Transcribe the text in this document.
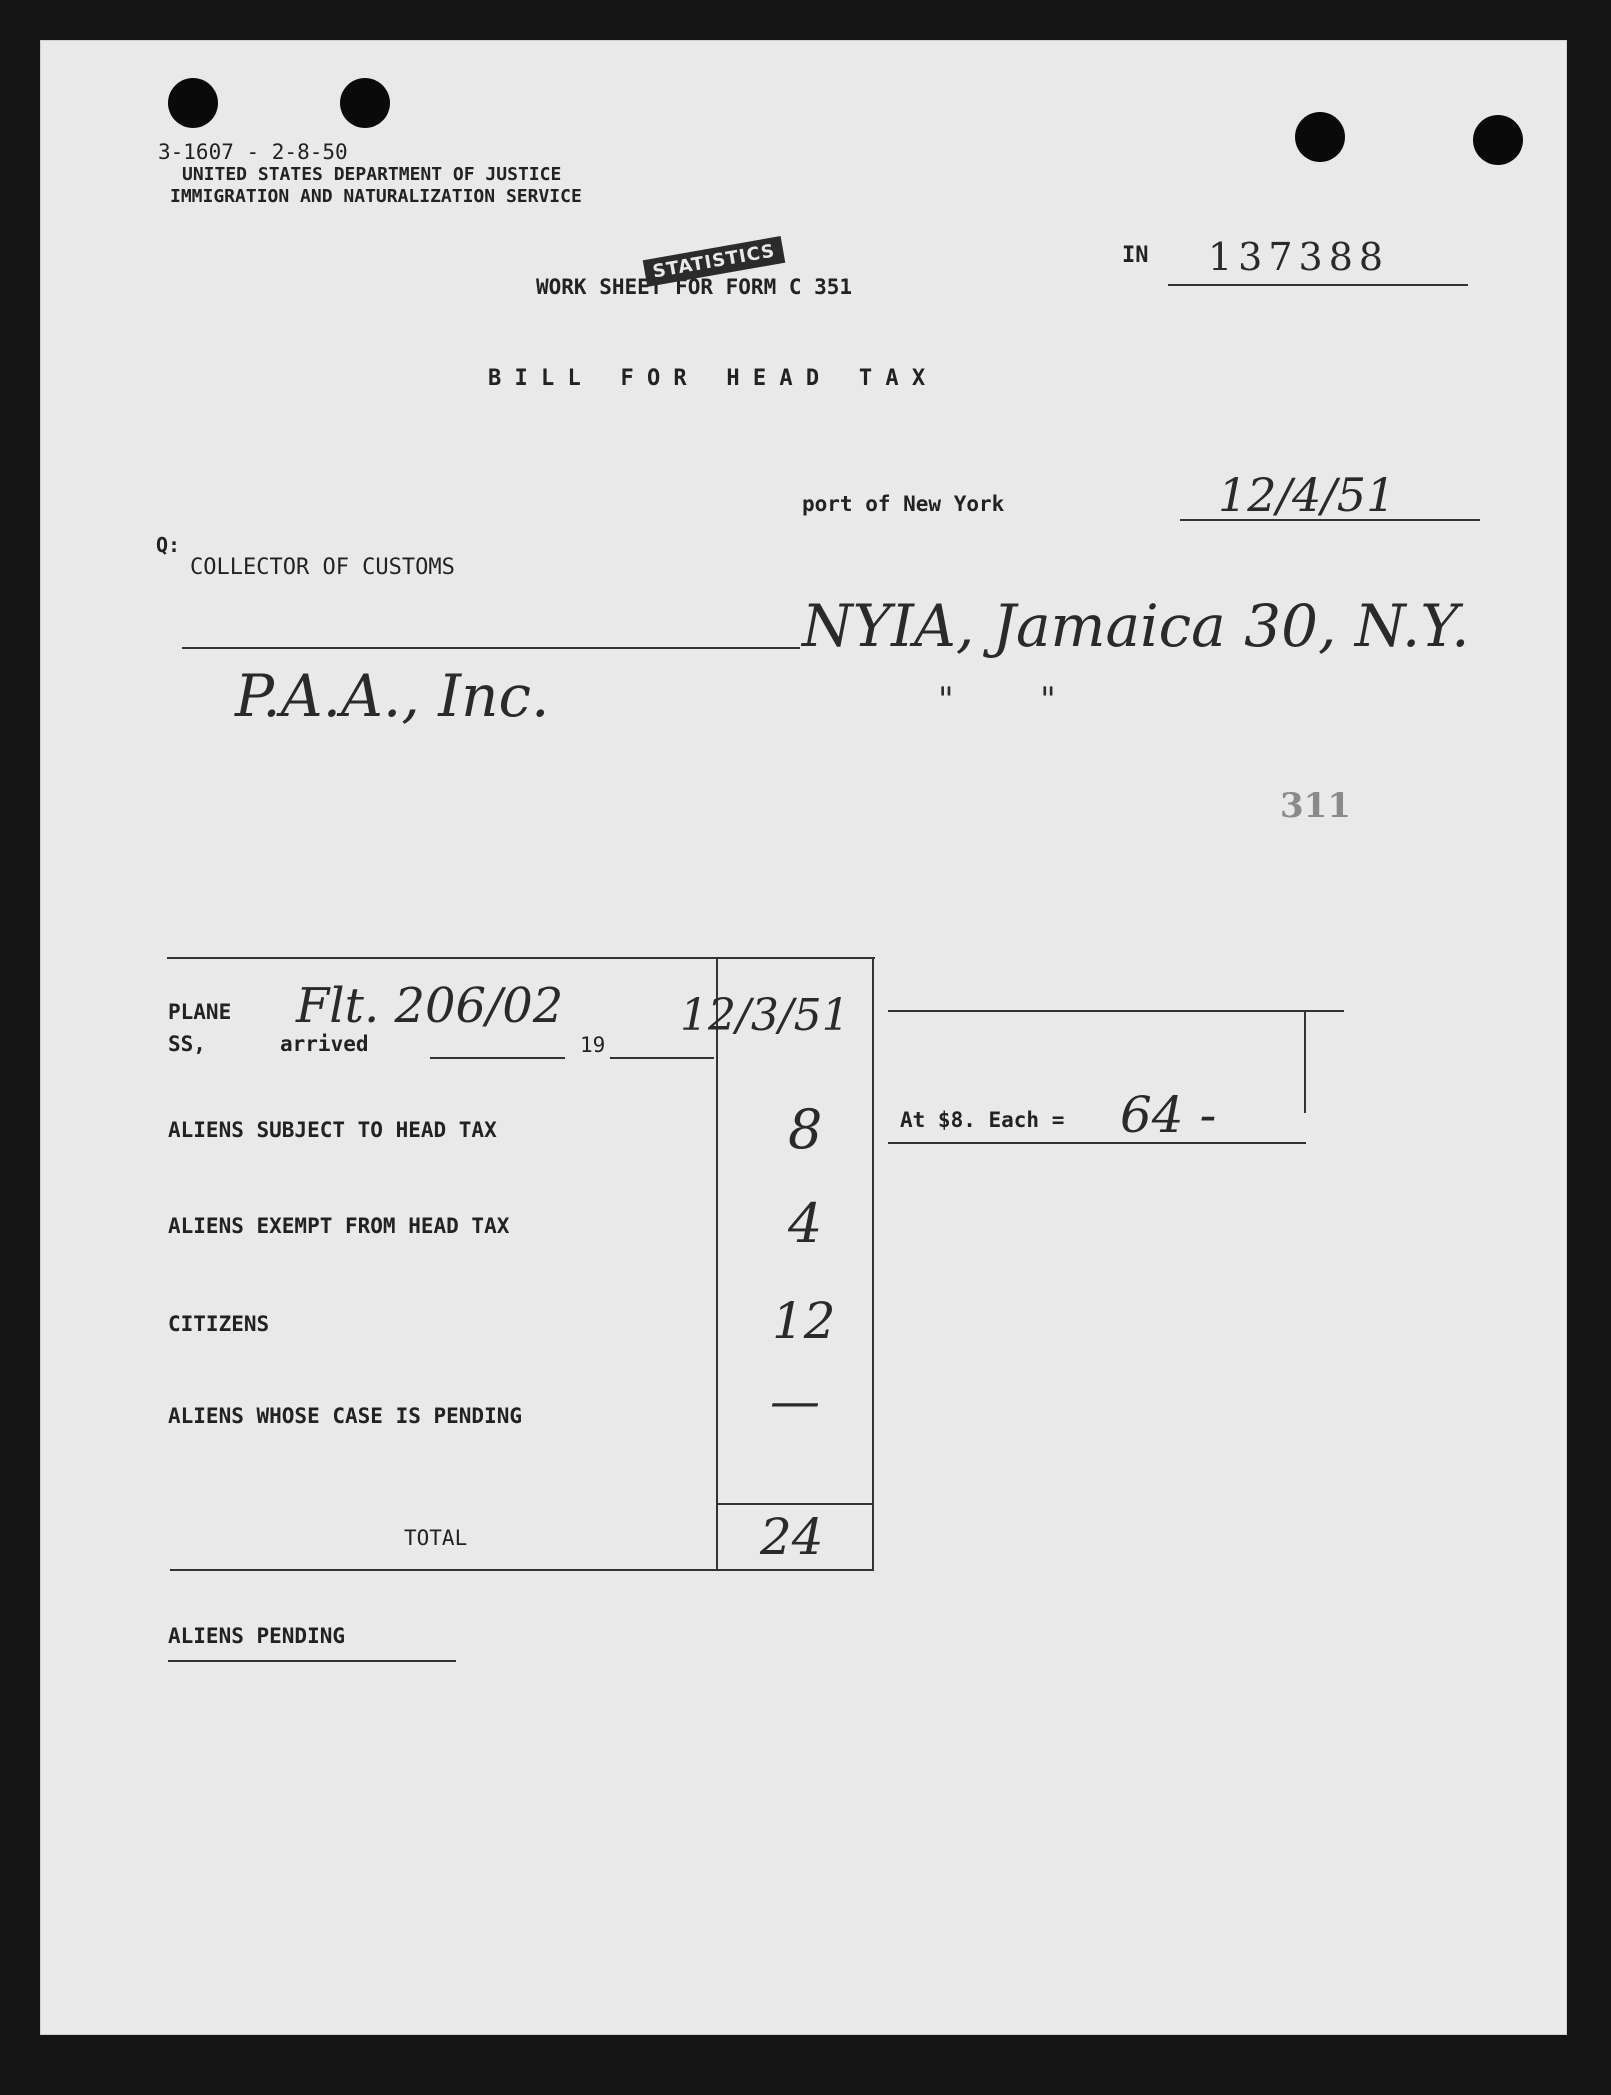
3-1607 - 2-8-50
UNITED STATES DEPARTMENT OF JUSTICE
IMMIGRATION AND NATURALIZATION SERVICE
IN 137388
WORK SHEET FOR FORM C 351
STATISTICS
B I L L   F O R   H E A D   T A X
port of New York	12/4/51
Q:
COLLECTOR OF CUSTOMS
NYIA, Jamaica 30, N.Y.
P.A.A., Inc.	"        "
311
PLANE
SS,	arrived	19
Flt. 206/02	12/3/51
ALIENS SUBJECT TO HEAD TAX	8
ALIENS EXEMPT FROM HEAD TAX	4
CITIZENS	12
ALIENS WHOSE CASE IS PENDING	—
TOTAL	24
At $8. Each = 64 -
ALIENS PENDING
